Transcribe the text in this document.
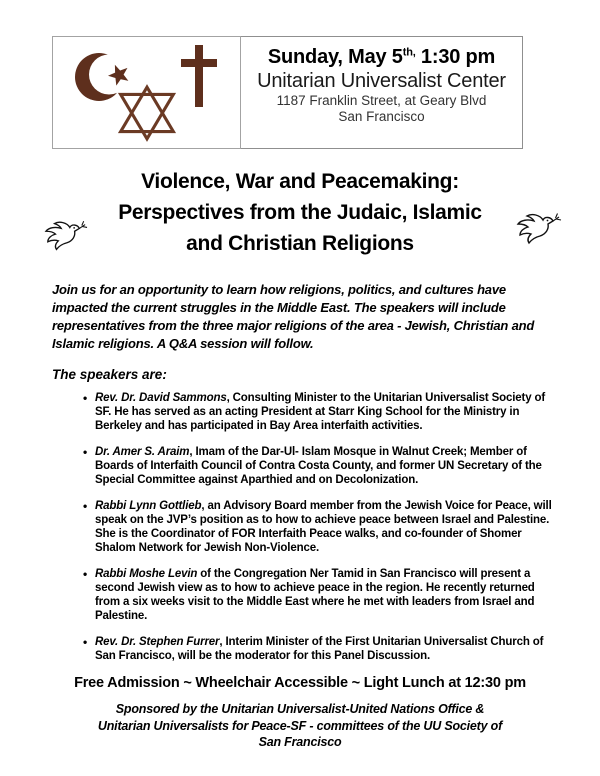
Sunday, May $5^{th,}$ 1:30 pm
Unitarian Universalist Center
1187 Franklin Street, at Geary Blvd
San Francisco
Violence, War and Peacemaking:
Perspectives from the Judaic, Islamic
and Christian Religions

Join us for an opportunity to learn how religions, politics, and cultures have impacted the current struggles in the Middle East. The speakers will include representatives from the three major religions of the area - Jewish, Christian and Islamic religions. A Q&A session will follow.

The speakers are:

• Rev. Dr. David Sammons, Consulting Minister to the Unitarian Universalist Society of SF. He has served as an acting President at Starr King School for the Ministry in Berkeley and has participated in Bay Area interfaith activities.
• Dr. Amer S. Araim, Imam of the Dar-Ul- Islam Mosque in Walnut Creek; Member of Boards of Interfaith Council of Contra Costa County, and former UN Secretary of the Special Committee against Aparthied and on Decolonization.
• Rabbi Lynn Gottlieb, an Advisory Board member from the Jewish Voice for Peace, will speak on the JVP’s position as to how to achieve peace between Israel and Palestine. She is the Coordinator of FOR Interfaith Peace walks, and co-founder of Shomer Shalom Network for Jewish Non-Violence.
• Rabbi Moshe Levin of the Congregation Ner Tamid in San Francisco will present a second Jewish view as to how to achieve peace in the region. He recently returned from a six weeks visit to the Middle East where he met with leaders from Israel and Palestine.
• Rev. Dr. Stephen Furrer, Interim Minister of the First Unitarian Universalist Church of San Francisco, will be the moderator for this Panel Discussion.
Free Admission ~ Wheelchair Accessible ~ Light Lunch at 12:30 pm
Sponsored by the Unitarian Universalist-United Nations Office &
Unitarian Universalists for Peace-SF - committees of the UU Society of
San Francisco
